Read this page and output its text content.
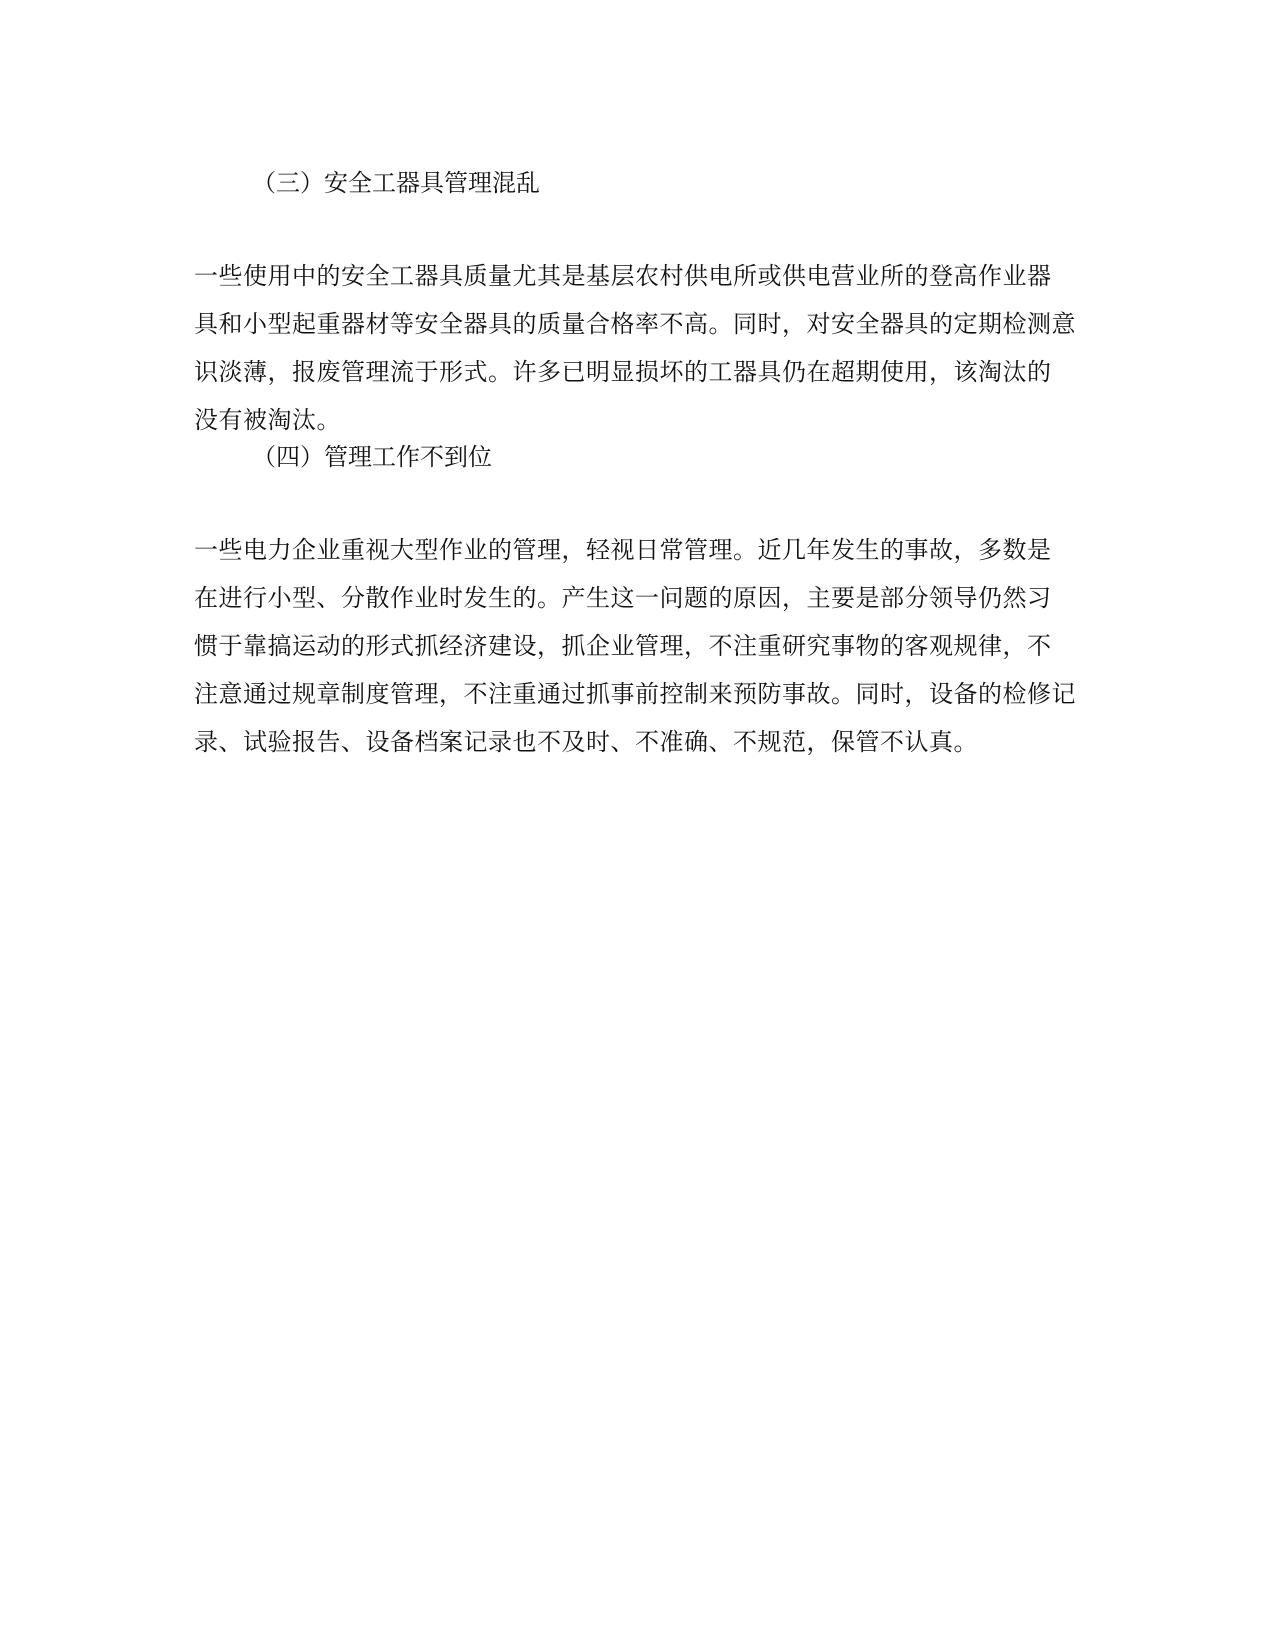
（三）安全工器具管理混乱

一些使用中的安全工器具质量尤其是基层农村供电所或供电营业所的登高作业器
具和小型起重器材等安全器具的质量合格率不高。同时，对安全器具的定期检测意
识淡薄，报废管理流于形式。许多已明显损坏的工器具仍在超期使用，该淘汰的
没有被淘汰。

（四）管理工作不到位

一些电力企业重视大型作业的管理，轻视日常管理。近几年发生的事故，多数是
在进行小型、分散作业时发生的。产生这一问题的原因，主要是部分领导仍然习
惯于靠搞运动的形式抓经济建设，抓企业管理，不注重研究事物的客观规律，不
注意通过规章制度管理，不注重通过抓事前控制来预防事故。同时，设备的检修记
录、试验报告、设备档案记录也不及时、不准确、不规范，保管不认真。
